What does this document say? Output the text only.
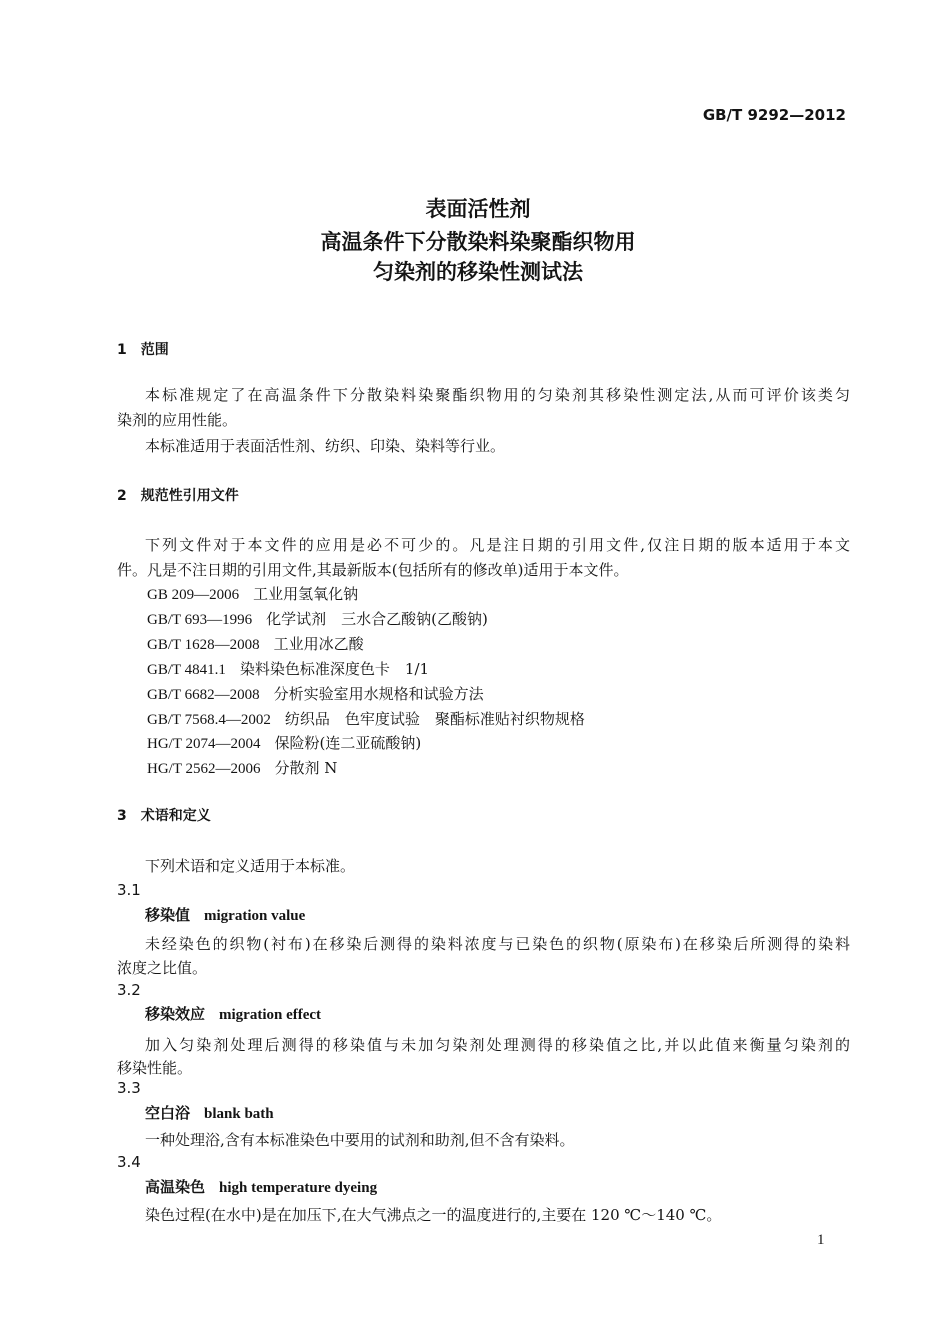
GB/T 9292—2012
表面活性剂
高温条件下分散染料染聚酯织物用
匀染剂的移染性测试法
1　范围
本标准规定了在高温条件下分散染料染聚酯织物用的匀染剂其移染性测定法,从而可评价该类匀
染剂的应用性能。
本标准适用于表面活性剂、纺织、印染、染料等行业。
2　规范性引用文件
下列文件对于本文件的应用是必不可少的。凡是注日期的引用文件,仅注日期的版本适用于本文
件。凡是不注日期的引用文件,其最新版本(包括所有的修改单)适用于本文件。
GB 209—2006 工业用氢氧化钠
GB/T 693—1996 化学试剂　三水合乙酸钠(乙酸钠)
GB/T 1628—2008 工业用冰乙酸
GB/T 4841.1 染料染色标准深度色卡　1/1
GB/T 6682—2008 分析实验室用水规格和试验方法
GB/T 7568.4—2002 纺织品　色牢度试验　聚酯标准贴衬织物规格
HG/T 2074—2004 保险粉(连二亚硫酸钠)
HG/T 2562—2006 分散剂 N
3　术语和定义
下列术语和定义适用于本标准。
3.1
移染值 migration value
未经染色的织物(衬布)在移染后测得的染料浓度与已染色的织物(原染布)在移染后所测得的染料
浓度之比值。
3.2
移染效应 migration effect
加入匀染剂处理后测得的移染值与未加匀染剂处理测得的移染值之比,并以此值来衡量匀染剂的
移染性能。
3.3
空白浴 blank bath
一种处理浴,含有本标准染色中要用的试剂和助剂,但不含有染料。
3.4
高温染色 high temperature dyeing
染色过程(在水中)是在加压下,在大气沸点之一的温度进行的,主要在 120 ℃～140 ℃。
1
